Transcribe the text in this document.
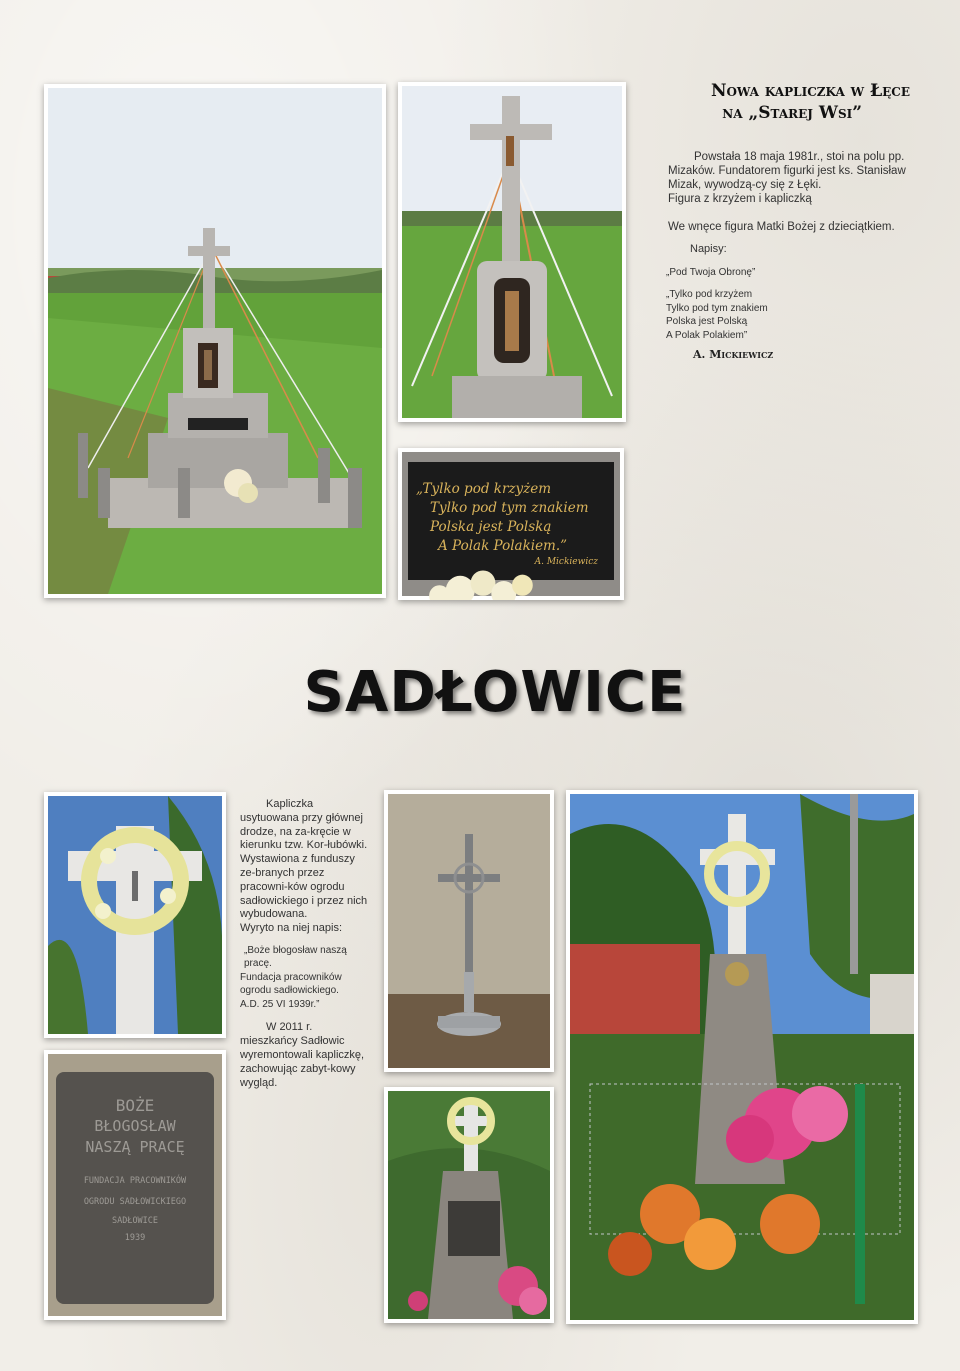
„Tylko pod krzyżem
Tylko pod tym znakiem
Polska jest Polską
A Polak Polakiem.”
A. Mickiewicz
Nowa kapliczka w Łęce
na „Starej Wsi”

Powstała 18 maja 1981r., stoi na polu pp. Mizaków. Fundatorem figurki jest ks. Stanisław Mizak, wywodzą-cy się z Łęki.

Figura z krzyżem i kapliczką

We wnęce figura Matki Bożej z dzieciątkiem.

Napisy:
„Pod Twoja Obronę”
„Tylko pod krzyżem
Tylko pod tym znakiem
Polska jest Polską
A Polak Polakiem”
A. Mickiewicz
SADŁOWICE
BOŻE
BŁOGOSŁAW
NASZĄ PRACĘ
FUNDACJA PRACOWNIKÓW
OGRODU SADŁOWICKIEGO
SADŁOWICE
1939

Kapliczka usytuowana przy głównej drodze, na za-kręcie w kierunku tzw. Kor-łubówki.

Wystawiona z funduszy ze-branych przez pracowni-ków ogrodu sadłowickiego i przez nich wybudowana.

Wyryto na niej napis:

„Boże błogosław naszą pracę.
Fundacja pracowników ogrodu sadłowickiego.
A.D. 25 VI 1939r.”

W 2011 r. mieszkańcy Sadłowic wyremontowali kapliczkę, zachowując zabyt-kowy wygląd.
